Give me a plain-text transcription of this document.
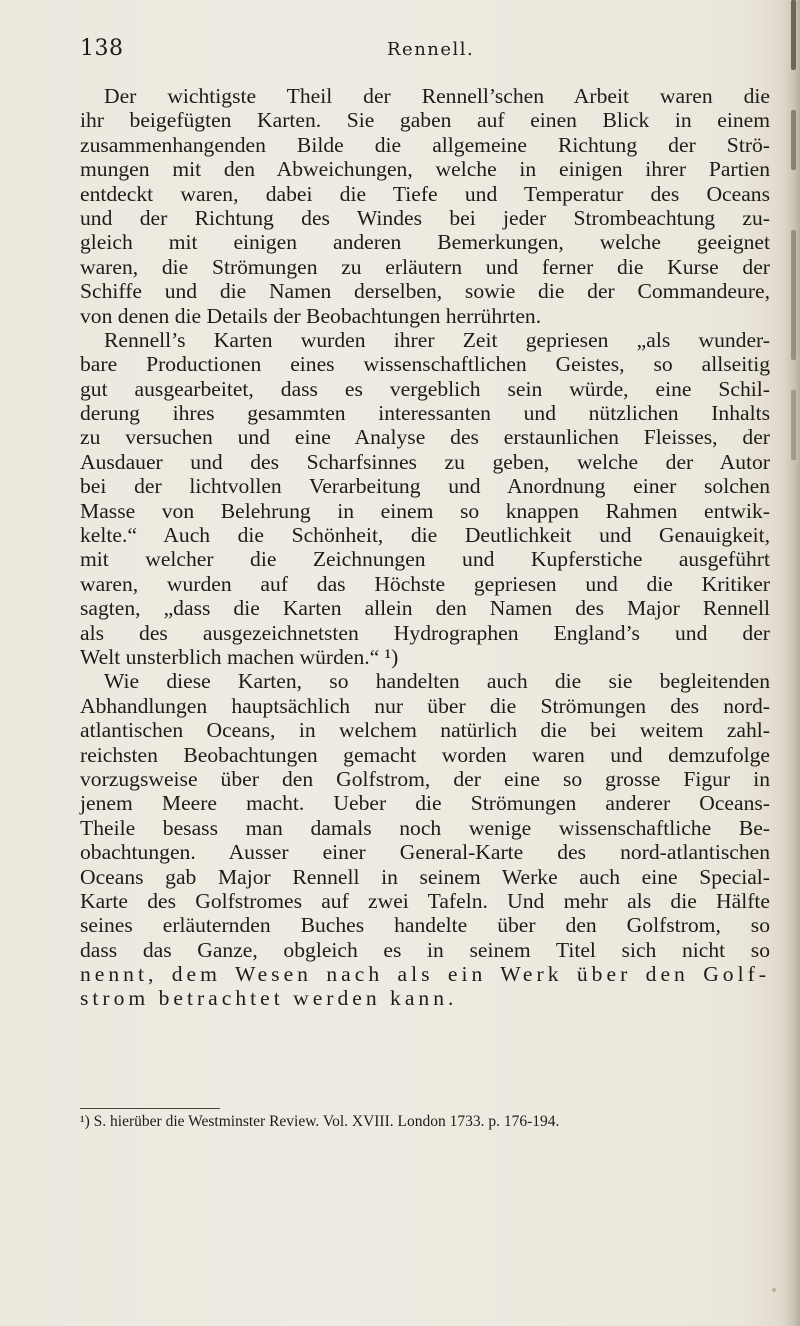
138	Rennell.
Der wichtigste Theil der Rennell’schen Arbeit waren die
ihr beigefügten Karten. Sie gaben auf einen Blick in einem
zusammenhangenden Bilde die allgemeine Richtung der Strö-
mungen mit den Abweichungen, welche in einigen ihrer Partien
entdeckt waren, dabei die Tiefe und Temperatur des Oceans
und der Richtung des Windes bei jeder Strombeachtung zu-
gleich mit einigen anderen Bemerkungen, welche geeignet
waren, die Strömungen zu erläutern und ferner die Kurse der
Schiffe und die Namen derselben, sowie die der Commandeure,
von denen die Details der Beobachtungen herrührten.
Rennell’s Karten wurden ihrer Zeit gepriesen „als wunder-
bare Productionen eines wissenschaftlichen Geistes, so allseitig
gut ausgearbeitet, dass es vergeblich sein würde, eine Schil-
derung ihres gesammten interessanten und nützlichen Inhalts
zu versuchen und eine Analyse des erstaunlichen Fleisses, der
Ausdauer und des Scharfsinnes zu geben, welche der Autor
bei der lichtvollen Verarbeitung und Anordnung einer solchen
Masse von Belehrung in einem so knappen Rahmen entwik-
kelte.“ Auch die Schönheit, die Deutlichkeit und Genauigkeit,
mit welcher die Zeichnungen und Kupferstiche ausgeführt
waren, wurden auf das Höchste gepriesen und die Kritiker
sagten, „dass die Karten allein den Namen des Major Rennell
als des ausgezeichnetsten Hydrographen England’s und der
Welt unsterblich machen würden.“ ¹)
Wie diese Karten, so handelten auch die sie begleitenden
Abhandlungen hauptsächlich nur über die Strömungen des nord-
atlantischen Oceans, in welchem natürlich die bei weitem zahl-
reichsten Beobachtungen gemacht worden waren und demzufolge
vorzugsweise über den Golfstrom, der eine so grosse Figur in
jenem Meere macht. Ueber die Strömungen anderer Oceans-
Theile besass man damals noch wenige wissenschaftliche Be-
obachtungen. Ausser einer General-Karte des nord-atlantischen
Oceans gab Major Rennell in seinem Werke auch eine Special-
Karte des Golfstromes auf zwei Tafeln. Und mehr als die Hälfte
seines erläuternden Buches handelte über den Golfstrom, so
dass das Ganze, obgleich es in seinem Titel sich nicht so
nennt, dem Wesen nach als ein Werk über den Golf-
strom betrachtet werden kann.
¹) S. hierüber die Westminster Review. Vol. XVIII. London 1733. p. 176-194.
